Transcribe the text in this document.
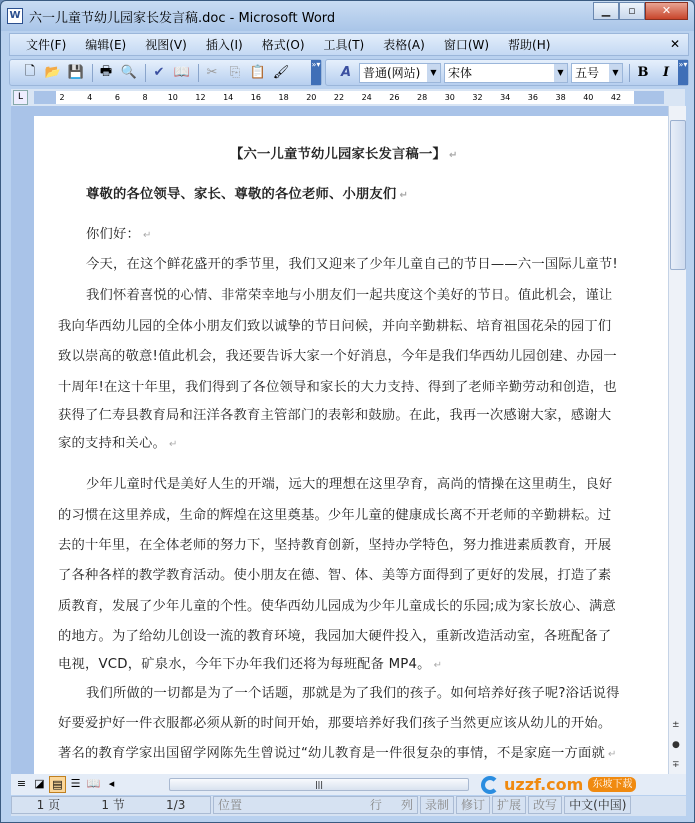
W 六一儿童节幼儿园家长发言稿.doc - Microsoft Word	▁	▫	✕
文件(F) 编辑(E) 视图(V) 插入(I) 格式(O) 工具(T) 表格(A) 窗口(W) 帮助(H)	✕
🗋 📂 💾 🖶 🔍	✔ 📖	✂ ⎘ 📋 🖌
»▾
A 普通(网站)	▼ 宋体	▼ 五号	▼	B	I
»▾
L	2	4	6	8	10 12 14 16 18 20 22 24 26 28 30 32 34 36 38 40 42
【六一儿童节幼儿园家长发言稿一】 ↵
尊敬的各位领导、家长、尊敬的各位老师、小朋友们 ↵
你们好： ↵
今天，在这个鲜花盛开的季节里，我们又迎来了少年儿童自己的节日——六一国际儿童节!
我们怀着喜悦的心情、非常荣幸地与小朋友们一起共度这个美好的节日。值此机会，谨让
我向华西幼儿园的全体小朋友们致以诚挚的节日问候，并向辛勤耕耘、培育祖国花朵的园丁们
致以崇高的敬意!值此机会，我还要告诉大家一个好消息，今年是我们华西幼儿园创建、办园一
十周年!在这十年里，我们得到了各位领导和家长的大力支持、得到了老师辛勤劳动和创造，也
获得了仁寿县教育局和汪洋各教育主管部门的表彰和鼓励。在此，我再一次感谢大家，感谢大
家的支持和关心。 ↵
少年儿童时代是美好人生的开端，远大的理想在这里孕育，高尚的情操在这里萌生，良好
的习惯在这里养成，生命的辉煌在这里奠基。少年儿童的健康成长离不开老师的辛勤耕耘。过
去的十年里，在全体老师的努力下，坚持教育创新，坚持办学特色，努力推进素质教育，开展
了各种各样的教学教育活动。使小朋友在德、智、体、美等方面得到了更好的发展，打造了素
质教育，发展了少年儿童的个性。使华西幼儿园成为少年儿童成长的乐园;成为家长放心、满意
的地方。为了给幼儿创设一流的教育环境，我园加大硬件投入，重新改造活动室，各班配备了
电视，VCD，矿泉水，今年下办年我们还将为每班配备 MP4。 ↵
我们所做的一切都是为了一个话题，那就是为了我们的孩子。如何培养好孩子呢?浴话说得
好要爱护好一件衣服都必须从新的时间开始，那要培养好我们孩子当然更应该从幼儿的开始。
著名的教育学家出国留学网陈先生曾说过“幼儿教育是一件很复杂的事情，不是家庭一方面就 ↵
±
●
∓
≡ ◪ ▤ ☰ 📖 ◂	|||	uzzf.com 东坡下载
1 页	1 节	1/3	位置	行 列	录制	修订	扩展	改写	中文(中国)
